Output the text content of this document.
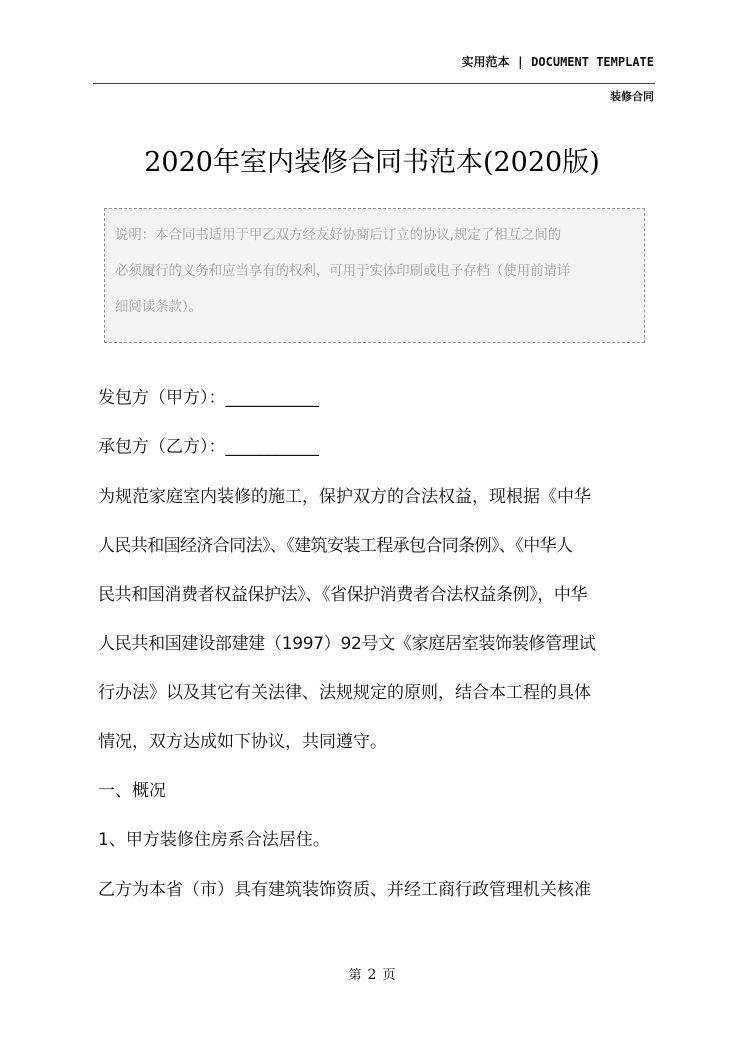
实用范本 | DOCUMENT TEMPLATE
装修合同
2020年室内装修合同书范本(2020版)
说明：本合同书适用于甲乙双方经友好协商后订立的协议,规定了相互之间的
必须履行的义务和应当享有的权利，可用于实体印刷或电子存档（使用前请详
细阅读条款）。
发包方（甲方）：___________
承包方（乙方）：___________
为规范家庭室内装修的施工，保护双方的合法权益，现根据《中华
人民共和国经济合同法》、《建筑安装工程承包合同条例》、《中华人
民共和国消费者权益保护法》、《省保护消费者合法权益条例》，中华
人民共和国建设部建建（1997）92号文《家庭居室装饰装修管理试
行办法》以及其它有关法律、法规规定的原则，结合本工程的具体
情况，双方达成如下协议，共同遵守。
一、概况
1、甲方装修住房系合法居住。
乙方为本省（市）具有建筑装饰资质、并经工商行政管理机关核准
第 2 页
